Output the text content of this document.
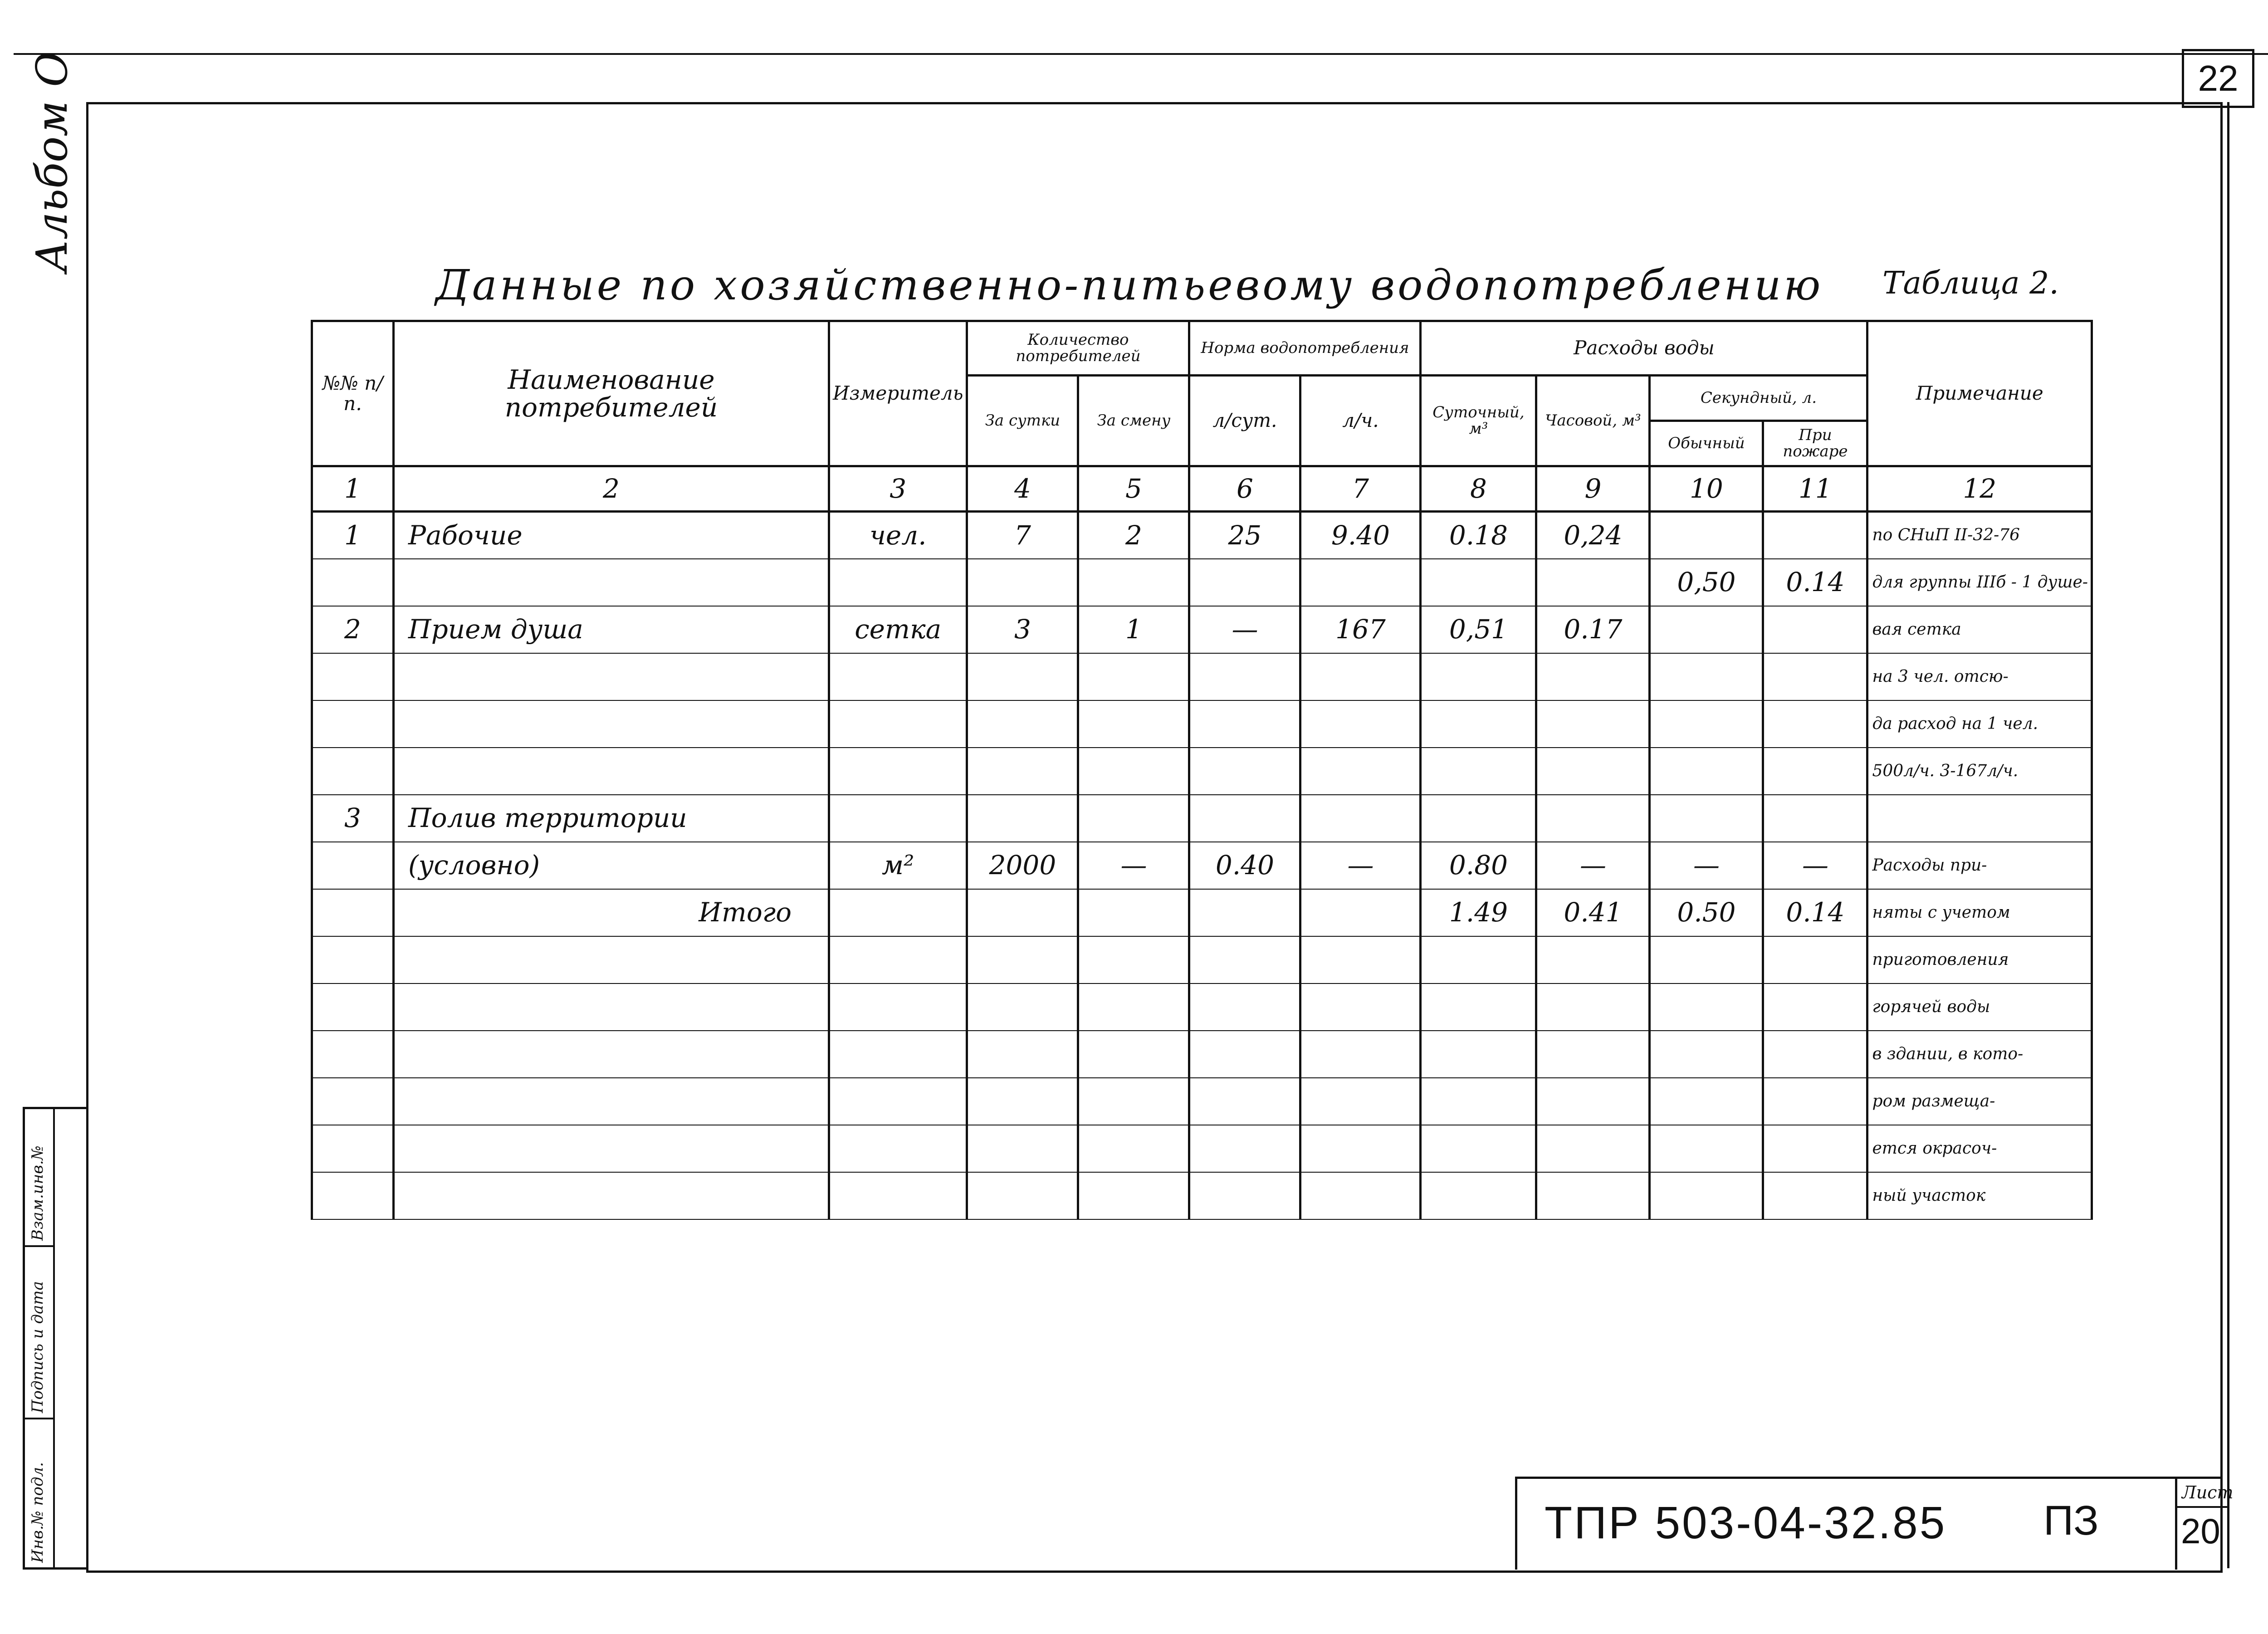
22
Альбом О
Взам.инв.№
Подпись и дата
Инв.№ подл.
Данные по хозяйственно-питьевому водопотреблению Таблица 2.
№№ п/п.	Наименование потребителей	Измеритель	Количество потребителей		Норма водопотребления		Расходы воды				Примечание
			За сутки	За смену	л/сут.	л/ч.	Суточный, м³	Часовой, м³	Секундный, л.		
									Обычный	При пожаре	
1	2	3	4	5	6	7	8	9	10	11	12
1	Рабочие	чел.	7	2	25	9.40	0.18	0,24			по СНиП II-32-76
									0,50	0.14	для группы IIIб - 1 душе-
2	Прием душа	сетка	3	1	—	167	0,51	0.17			вая сетка
											на 3 чел. отсю-
											да расход на 1 чел.
											500л/ч. 3-167л/ч.
3	Полив территории										
	(условно)	м²	2000	—	0.40	—	0.80	—	—	—	Расходы при-
	Итого						1.49	0.41	0.50	0.14	няты с учетом
											приготовления
											горячей воды
											в здании, в кото-
											ром размеща-
											ется окрасоч-
											ный участок
ТПР 503-04-32.85 ПЗ
Лист
20
